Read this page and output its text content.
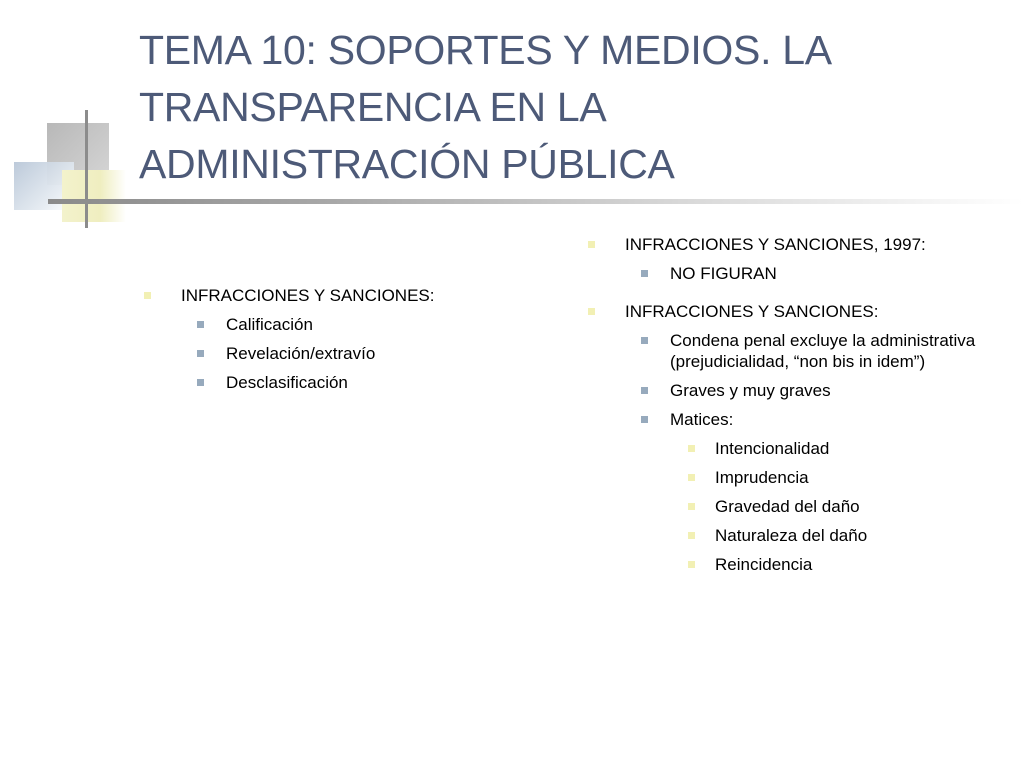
TEMA 10: SOPORTES Y MEDIOS. LA
TRANSPARENCIA EN LA
ADMINISTRACIÓN PÚBLICA
INFRACCIONES Y SANCIONES:
Calificación
Revelación/extravío
Desclasificación
INFRACCIONES Y SANCIONES, 1997:
NO FIGURAN
INFRACCIONES Y SANCIONES:
Condena penal excluye la administrativa (prejudicialidad, “non bis in idem”)
Graves y muy graves
Matices:
Intencionalidad
Imprudencia
Gravedad del daño
Naturaleza del daño
Reincidencia
